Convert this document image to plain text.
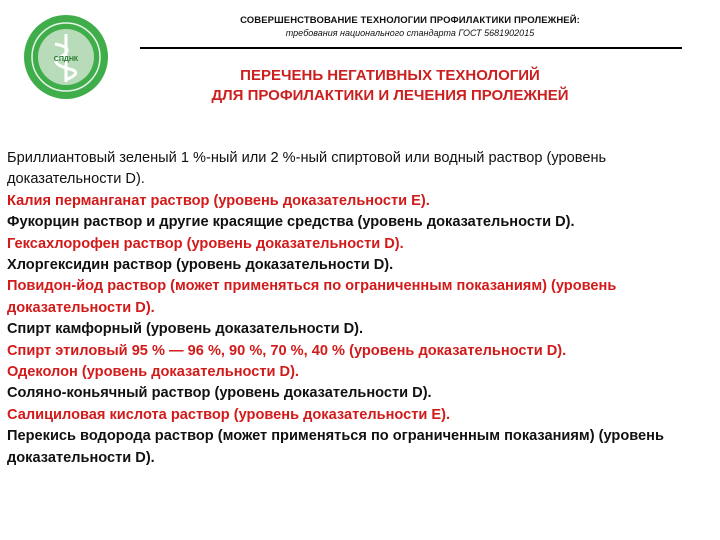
СПДНК
СОВЕРШЕНСТВОВАНИЕ ТЕХНОЛОГИИ ПРОФИЛАКТИКИ ПРОЛЕЖНЕЙ:
требования национального стандарта ГОСТ 5681902015
ПЕРЕЧЕНЬ НЕГАТИВНЫХ ТЕХНОЛОГИЙ
ДЛЯ ПРОФИЛАКТИКИ И ЛЕЧЕНИЯ ПРОЛЕЖНЕЙ

Бриллиантовый зеленый 1 %-ный или 2 %-ный спиртовой или водный раствор (уровень доказательности D).

Калия перманганат раствор (уровень доказательности E).

Фукорцин раствор и другие красящие средства (уровень доказательности D).

Гексахлорофен раствор (уровень доказательности D).

Хлоргексидин раствор (уровень доказательности D).

Повидон-йод раствор (может применяться по ограниченным показаниям) (уровень доказательности D).

Спирт камфорный (уровень доказательности D).

Спирт этиловый 95 % — 96 %, 90 %, 70 %, 40 % (уровень доказательности D).

Одеколон (уровень доказательности D).

Соляно-коньячный раствор (уровень доказательности D).

Салициловая кислота раствор (уровень доказательности E).

Перекись водорода раствор (может применяться по ограниченным показаниям) (уровень доказательности D).
